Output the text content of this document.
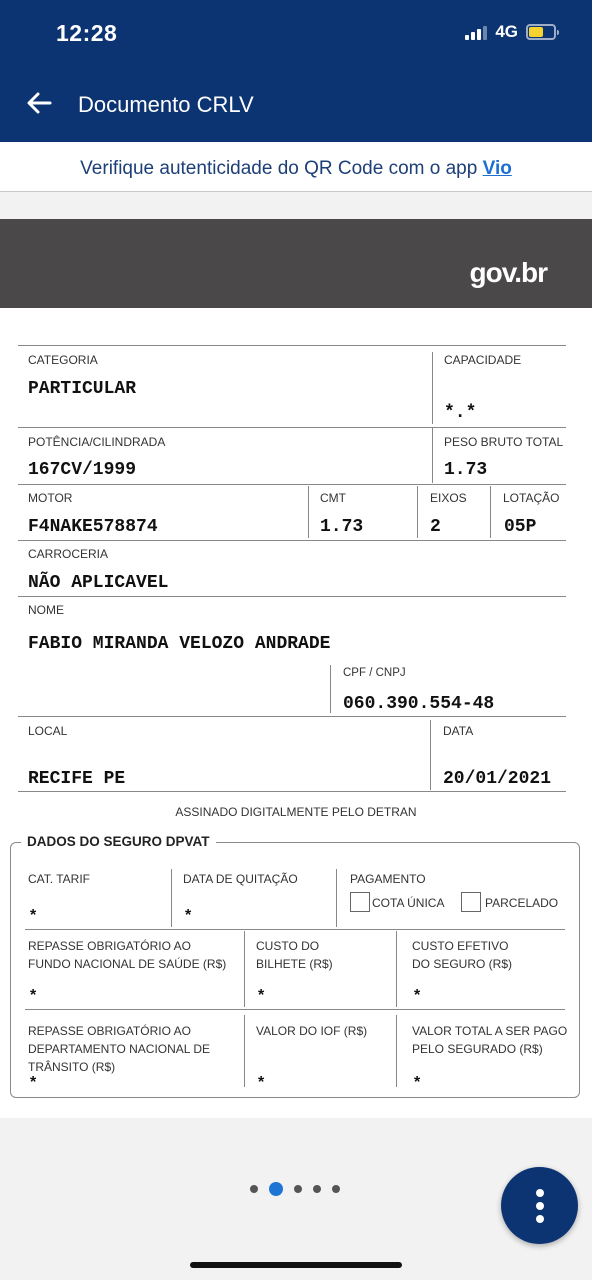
12:28	4G
Documento CRLV
Verifique autenticidade do QR Code com o app Vio
gov.br
CATEGORIA
PARTICULAR
CAPACIDADE
*.*
POTÊNCIA/CILINDRADA
167CV/1999
PESO BRUTO TOTAL
1.73
MOTOR
F4NAKE578874
CMT
1.73
EIXOS
2
LOTAÇÃO
05P
CARROCERIA
NÃO APLICAVEL
NOME
FABIO MIRANDA VELOZO ANDRADE
CPF / CNPJ
060.390.554-48
LOCAL
RECIFE PE
DATA
20/01/2021
ASSINADO DIGITALMENTE PELO DETRAN
DADOS DO SEGURO DPVAT
CAT. TARIF
*
DATA DE QUITAÇÃO
*
PAGAMENTO
COTA ÚNICA	PARCELADO
REPASSE OBRIGATÓRIO AO
FUNDO NACIONAL DE SAÚDE (R$)
*
CUSTO DO
BILHETE (R$)
*
CUSTO EFETIVO
DO SEGURO (R$)
*
REPASSE OBRIGATÓRIO AO
DEPARTAMENTO NACIONAL DE
TRÂNSITO (R$)
*
VALOR DO IOF (R$)
*
VALOR TOTAL A SER PAGO
PELO SEGURADO (R$)
*
